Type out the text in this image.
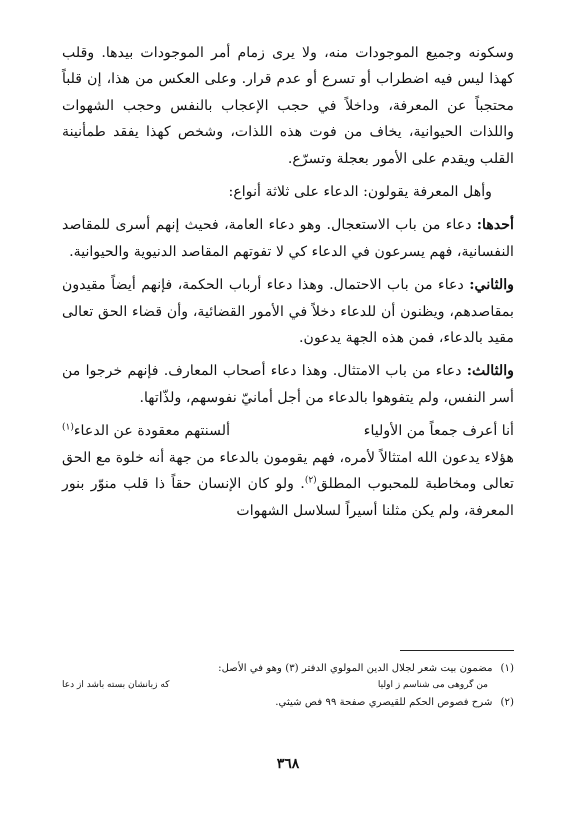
وسكونه وجميع الموجودات منه، ولا يرى زمام أمر الموجودات بيدها. وقلب كهذا ليس فيه اضطراب أو تسرع أو عدم قرار. وعلى العكس من هذا، إن قلباً محتجباً عن المعرفة، وداخلاً في حجب الإعجاب بالنفس وحجب الشهوات واللذات الحيوانية، يخاف من فوت هذه اللذات، وشخص كهذا يفقد طمأنينة القلب ويقدم على الأمور بعجلة وتسرّع.

وأهل المعرفة يقولون: الدعاء على ثلاثة أنواع:

أحدها: دعاء من باب الاستعجال. وهو دعاء العامة، فحيث إنهم أسرى للمقاصد النفسانية، فهم يسرعون في الدعاء كي لا تفوتهم المقاصد الدنيوية والحيوانية.

والثاني: دعاء من باب الاحتمال. وهذا دعاء أرباب الحكمة، فإنهم أيضاً مقيدون بمقاصدهم، ويظنون أن للدعاء دخلاً في الأمور القضائية، وأن قضاء الحق تعالى مقيد بالدعاء، فمن هذه الجهة يدعون.

والثالث: دعاء من باب الامتثال. وهذا دعاء أصحاب المعارف. فإنهم خرجوا من أسر النفس، ولم يتفوهوا بالدعاء من أجل أمانيّ نفوسهم، ولذّاتها.

أنا أعرف جمعاً من الأولياء
ألسنتهم معقودة عن الدعاء$^{(١)}$

هؤلاء يدعون الله امتثالاً لأمره، فهم يقومون بالدعاء من جهة أنه خلوة مع الحق تعالى ومخاطبة للمحبوب المطلق$^{(٢)}$. ولو كان الإنسان حقاً ذا قلب منوّر بنور المعرفة، ولم يكن مثلنا أسيراً لسلاسل الشهوات

(١)
مضمون بيت شعر لجلال الدين المولوي الدفتر (٣) وهو في الأصل:
من گروهى مى شناسم ز اوليا
كه زبانشان بسته باشد از دعا
(٢)
شرح فصوص الحكم للقيصري صفحة ٩٩ فص شيثي.
٣٦٨
